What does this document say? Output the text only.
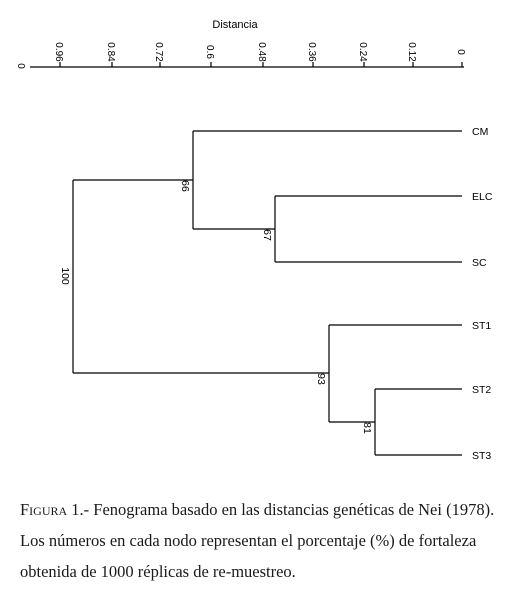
Distancia
0
0.96	0.84	0.72	0.6	0.48	0.36	0.24	0.12	0
CM
ELC
SC
ST1
ST2
ST3
100
66
67
93
81

Figura 1.- Fenograma basado en las distancias genéticas de Nei (1978). Los números en cada nodo representan el porcentaje (%) de fortaleza obtenida de 1000 réplicas de re-muestreo.
